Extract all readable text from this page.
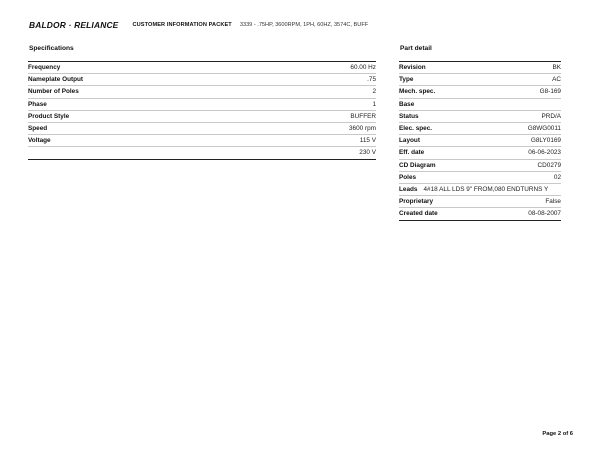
BALDOR · RELIANCE	CUSTOMER INFORMATION PACKET 3339 - .75HP, 3600RPM, 1PH, 60HZ, 3574C, BUFF
Specifications
Frequency	60.00 Hz
Nameplate Output	.75
Number of Poles	2
Phase	1
Product Style	BUFFER
Speed	3600 rpm
Voltage	115 V
	230 V
Part detail
Revision	BK
Type	AC
Mech. spec.	G8-169
Base	
Status	PRD/A
Elec. spec.	G8WG0011
Layout	G8LY0169
Eff. date	06-06-2023
CD Diagram	CD0279
Poles	02
Leads 4#18 ALL LDS 9" FROM,080 ENDTURNS Y	
Proprietary	False
Created date	08-08-2007
Page 2 of 6
